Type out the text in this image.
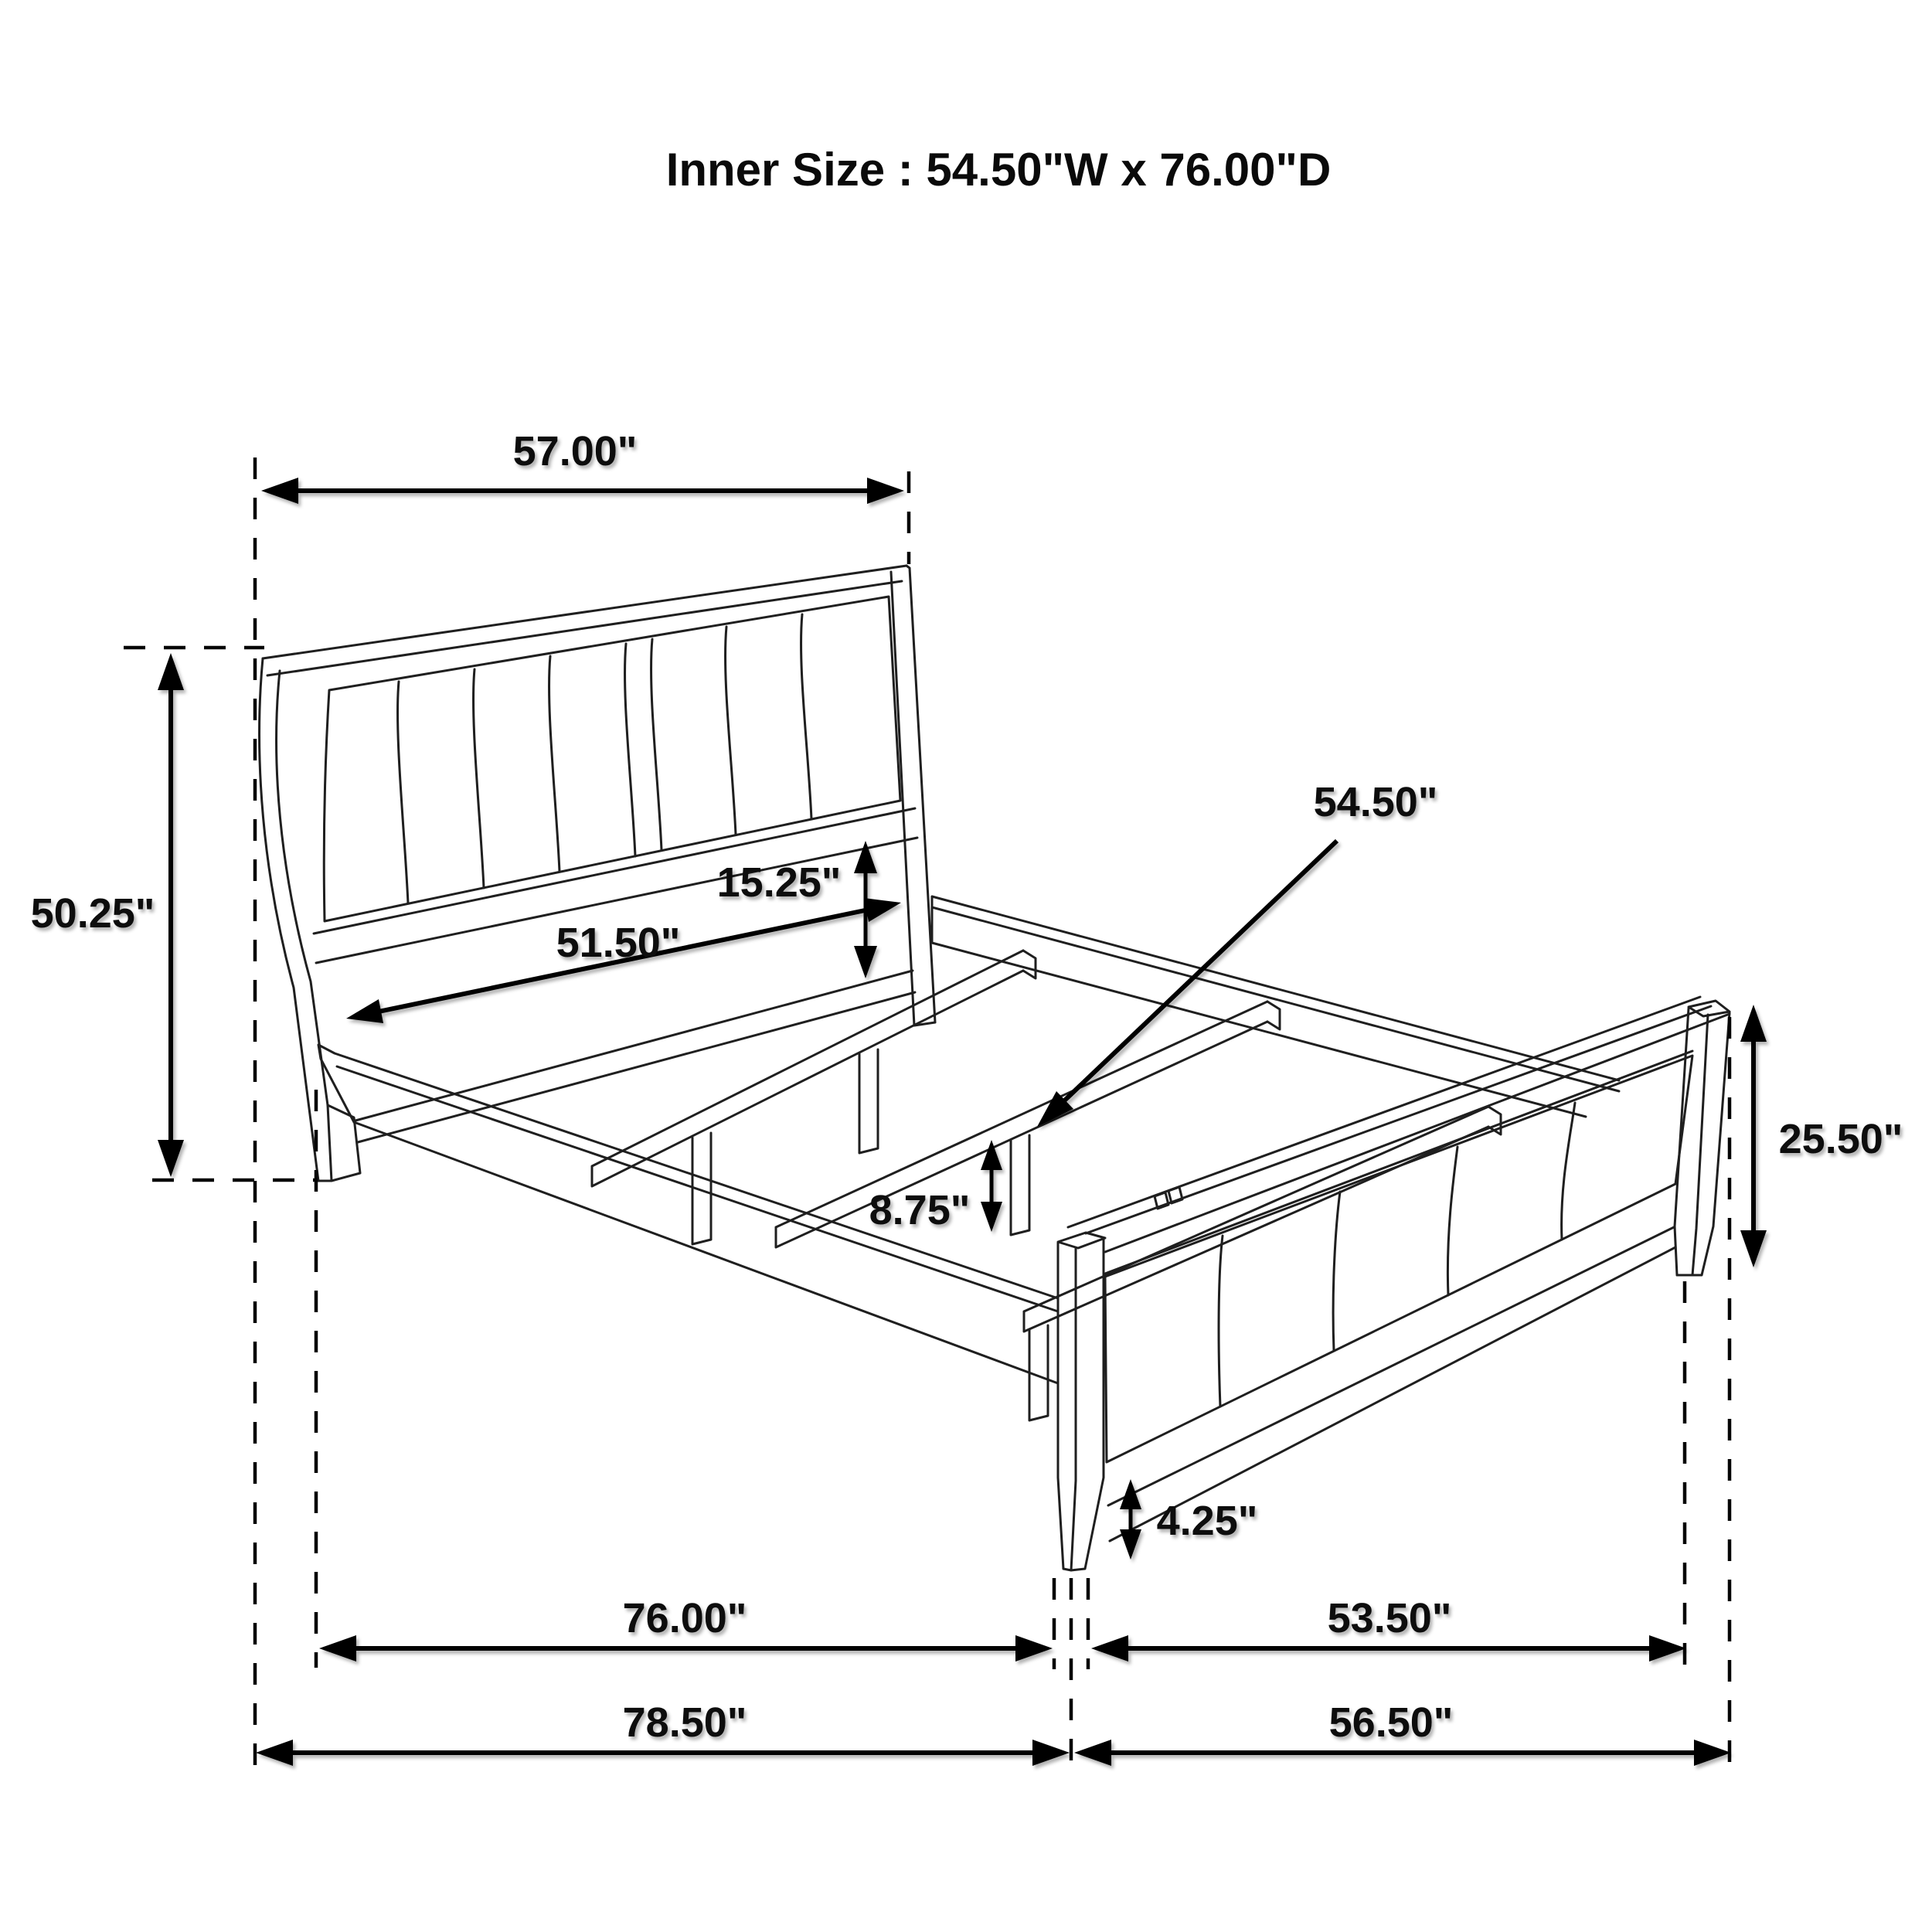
57.00"
50.25"
15.25"
51.50"
54.50"
25.50"
8.75"
4.25"
76.00"	53.50"
78.50"	56.50"
Inner Size : 54.50"W x 76.00"D
